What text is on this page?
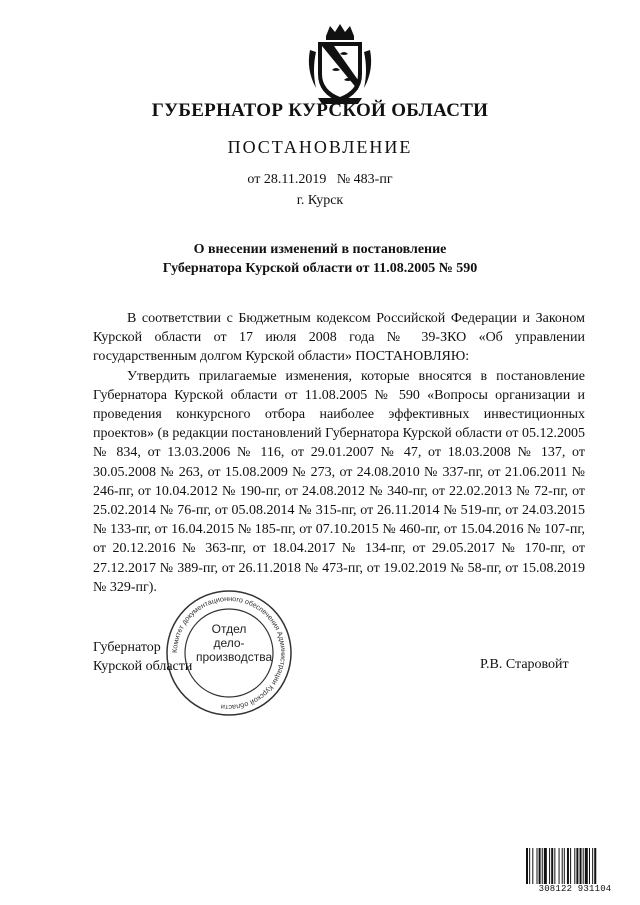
ГУБЕРНАТОР КУРСКОЙ ОБЛАСТИ
ПОСТАНОВЛЕНИЕ
от 28.11.2019   № 483-пг
г. Курск
О внесении изменений в постановление
Губернатора Курской области от 11.08.2005 № 590

В соответствии с Бюджетным кодексом Российской Федерации и Законом Курской области от 17 июля 2008 года № 39-ЗКО «Об управлении государственным долгом Курской области» ПОСТАНОВЛЯЮ:

Утвердить прилагаемые изменения, которые вносятся в постановление Губернатора Курской области от 11.08.2005 № 590 «Вопросы организации и проведения конкурсного отбора наиболее эффективных инвестиционных проектов» (в редакции постановлений Губернатора Курской области от 05.12.2005 № 834, от 13.03.2006 № 116, от 29.01.2007 № 47, от 18.03.2008 № 137, от 30.05.2008 № 263, от 15.08.2009 № 273, от 24.08.2010 № 337-пг, от 21.06.2011 № 246-пг, от 10.04.2012 № 190-пг, от 24.08.2012 № 340-пг, от 22.02.2013 № 72-пг, от 25.02.2014 № 76-пг, от 05.08.2014 № 315-пг, от 26.11.2014 № 519-пг, от 24.03.2015 № 133-пг, от 16.04.2015 № 185-пг, от 07.10.2015 № 460-пг, от 15.04.2016 № 107-пг, от 20.12.2016 № 363-пг, от 18.04.2017 № 134-пг, от 29.05.2017 № 170-пг, от 27.12.2017 № 389-пг, от 26.11.2018 № 473-пг, от 19.02.2019 № 58-пг, от 15.08.2019 № 329-пг).

Комитет документационного обеспечения Администрации Курской области
Отдел
дело-
производства
Губернатор
Курской области	Р.В. Старовойт
308122 931104
